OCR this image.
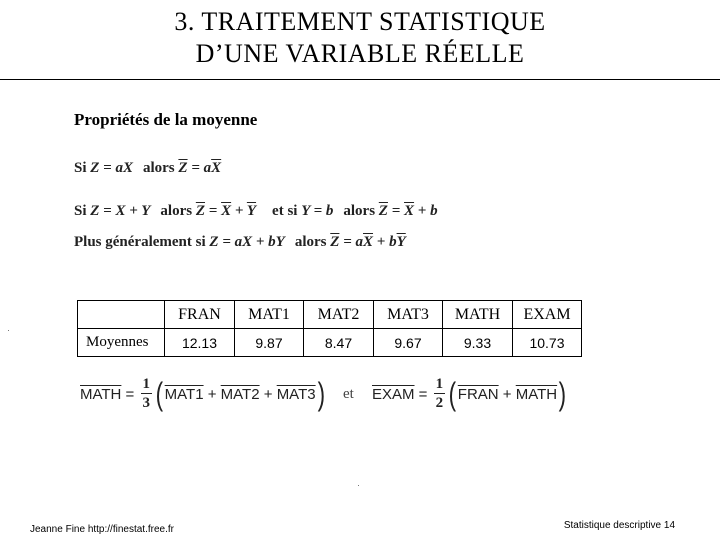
3. TRAITEMENT STATISTIQUE
D’UNE VARIABLE RÉELLE
Propriétés de la moyenne
Si Z = aX alors $\overline{Z} = a\overline{X}$
Si Z = X + Y alors $\overline{Z} = \overline{X} + \overline{Y}$ et si Y = b alors $\overline{Z} = \overline{X} + b$
Plus généralement si Z = aX + bY alors $\overline{Z} = a\overline{X} + b\overline{Y}$
	FRAN	MAT1	MAT2	MAT3	MATH	EXAM
Moyennes	12.13	9.87	8.47	9.67	9.33	10.73
MATH = $\frac{1}{3}$ ( MAT1 + MAT2 + MAT3 ) et EXAM = $\frac{1}{2}$ ( FRAN + MATH )
Jeanne Fine http://finestat.free.fr	Statistique descriptive 14
